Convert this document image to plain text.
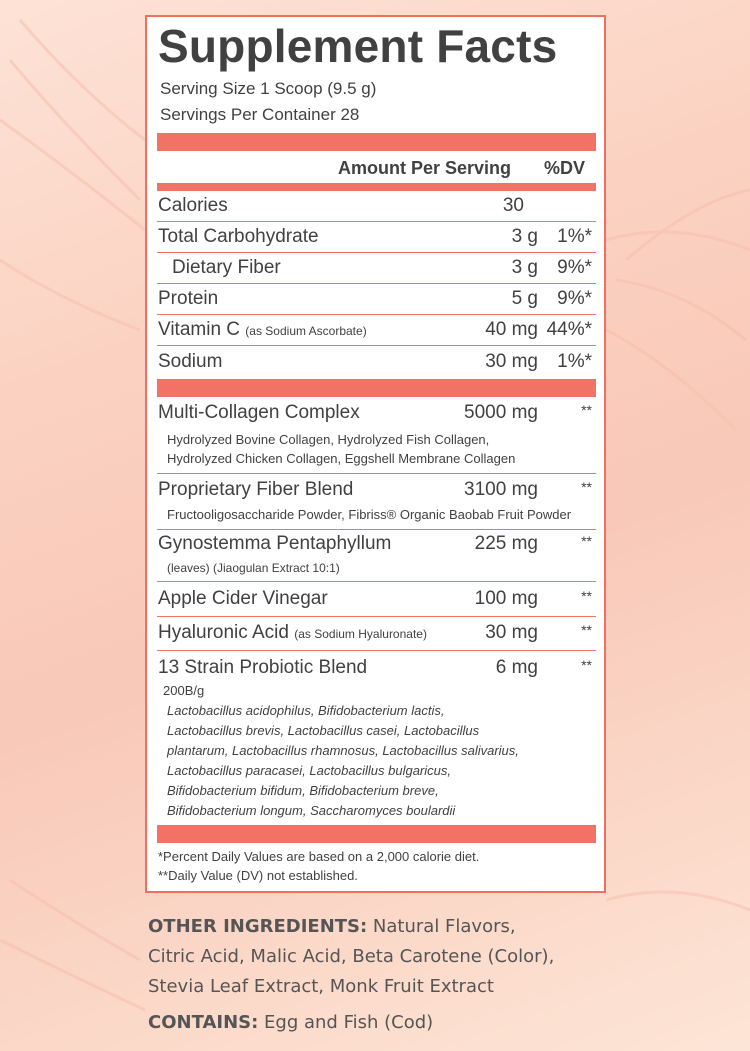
Supplement Facts
Serving Size 1 Scoop (9.5 g)
Servings Per Container 28
Amount Per Serving %DV
Calories	30
Total Carbohydrate	3 g	1%*
Dietary Fiber	3 g	9%*
Protein	5 g	9%*
Vitamin C (as Sodium Ascorbate)	40 mg 44%*
Sodium	30 mg	1%*
Multi-Collagen Complex	5000 mg	**
Hydrolyzed Bovine Collagen, Hydrolyzed Fish Collagen,
Hydrolyzed Chicken Collagen, Eggshell Membrane Collagen
Proprietary Fiber Blend	3100 mg	**
Fructooligosaccharide Powder, Fibriss® Organic Baobab Fruit Powder
Gynostemma Pentaphyllum	225 mg	**
(leaves) (Jiaogulan Extract 10:1)
Apple Cider Vinegar	100 mg	**
Hyaluronic Acid (as Sodium Hyaluronate)	30 mg	**
13 Strain Probiotic Blend	6 mg	**
200B/g
Lactobacillus acidophilus, Bifidobacterium lactis,
Lactobacillus brevis, Lactobacillus casei, Lactobacillus
plantarum, Lactobacillus rhamnosus, Lactobacillus salivarius,
Lactobacillus paracasei, Lactobacillus bulgaricus,
Bifidobacterium bifidum, Bifidobacterium breve,
Bifidobacterium longum, Saccharomyces boulardii
*Percent Daily Values are based on a 2,000 calorie diet.
**Daily Value (DV) not established.
OTHER INGREDIENTS: Natural Flavors,
Citric Acid, Malic Acid, Beta Carotene (Color),
Stevia Leaf Extract, Monk Fruit Extract
CONTAINS: Egg and Fish (Cod)
